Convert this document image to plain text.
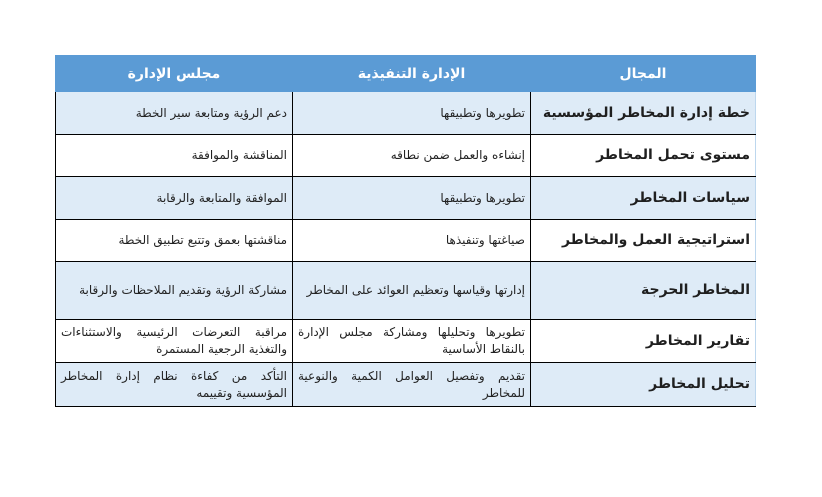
المجال	الإدارة التنفيذية	مجلس الإدارة
خطة إدارة المخاطر المؤسسية	تطويرها وتطبيقها	دعم الرؤية ومتابعة سير الخطة
مستوى تحمل المخاطر	إنشاءه والعمل ضمن نطاقه	المناقشة والموافقة
سياسات المخاطر	تطويرها وتطبيقها	الموافقة والمتابعة والرقابة
استراتيجية العمل والمخاطر	صياغتها وتنفيذها	مناقشتها بعمق وتتبع تطبيق الخطة
المخاطر الحرجة	إدارتها وقياسها وتعظيم العوائد على المخاطر	مشاركة الرؤية وتقديم الملاحظات والرقابة
تقارير المخاطر	تطويرها وتحليلها ومشاركة مجلس الإدارة بالنقاط الأساسية	مراقبة التعرضات الرئيسية والاستثناءات والتغذية الرجعية المستمرة
تحليل المخاطر	تقديم وتفصيل العوامل الكمية والنوعية للمخاطر	التأكد من كفاءة نظام إدارة المخاطر المؤسسية وتقييمه
